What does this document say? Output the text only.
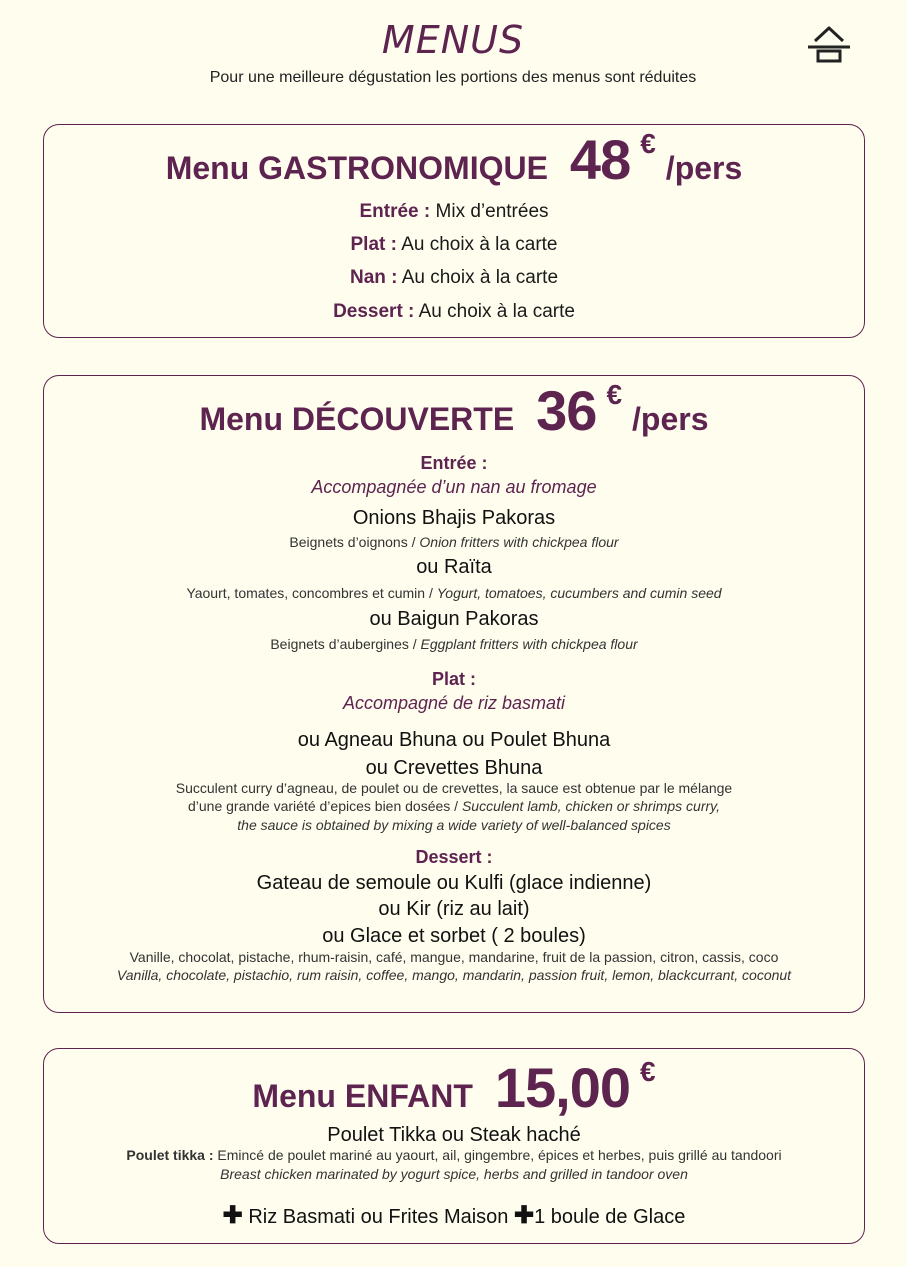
MENUS
Pour une meilleure dégustation les portions des menus sont réduites
Menu GASTRONOMIQUE 48 €/pers
Entrée : Mix d’entrées
Plat : Au choix à la carte
Nan : Au choix à la carte
Dessert : Au choix à la carte
Menu DÉCOUVERTE 36 €/pers
Entrée :
Accompagnée d’un nan au fromage
Onions Bhajis Pakoras
Beignets d’oignons / Onion fritters with chickpea flour
ou Raïta
Yaourt, tomates, concombres et cumin / Yogurt, tomatoes, cucumbers and cumin seed
ou Baigun Pakoras
Beignets d’aubergines / Eggplant fritters with chickpea flour
Plat :
Accompagné de riz basmati
ou Agneau Bhuna ou Poulet Bhuna
ou Crevettes Bhuna
Succulent curry d’agneau, de poulet ou de crevettes, la sauce est obtenue par le mélange
d’une grande variété d’epices bien dosées / Succulent lamb, chicken or shrimps curry,
the sauce is obtained by mixing a wide variety of well-balanced spices
Dessert :
Gateau de semoule ou Kulfi (glace indienne)
ou Kir (riz au lait)
ou Glace et sorbet ( 2 boules)
Vanille, chocolat, pistache, rhum-raisin, café, mangue, mandarine, fruit de la passion, citron, cassis, coco
Vanilla, chocolate, pistachio, rum raisin, coffee, mango, mandarin, passion fruit, lemon, blackcurrant, coconut
Menu ENFANT 15,00 €
Poulet Tikka ou Steak haché
Poulet tikka : Emincé de poulet mariné au yaourt, ail, gingembre, épices et herbes, puis grillé au tandoori
Breast chicken marinated by yogurt spice, herbs and grilled in tandoor oven
✚ Riz Basmati ou Frites Maison ✚1 boule de Glace
